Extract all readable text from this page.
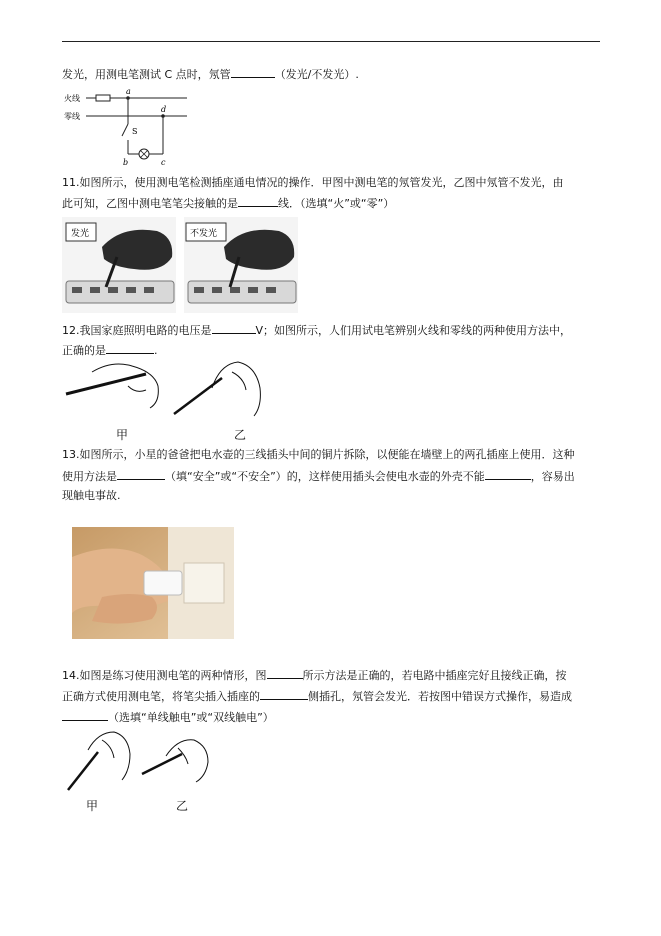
发光，用测电笔测试 C 点时，氖管	（发光/不发光）.
火线
零线
a
d
S
b	c
11.如图所示，使用测电笔检测插座通电情况的操作．甲图中测电笔的氖管发光，乙图中氖管不发光，由
此可知，乙图中测电笔笔尖接触的是	线．（选填“火”或“零”）
发光	不发光
12.我国家庭照明电路的电压是	V；如图所示，人们用试电笔辨别火线和零线的两种使用方法中，
正确的是	.
甲	乙
13.如图所示，小星的爸爸把电水壶的三线插头中间的铜片拆除，以便能在墙壁上的两孔插座上使用．这种
使用方法是	（填“安全”或“不安全”）的，这样使用插头会使电水壶的外壳不能	，容易出
现触电事故.
14.如图是练习使用测电笔的两种情形，图	所示方法是正确的，若电路中插座完好且接线正确，按
正确方式使用测电笔，将笔尖插入插座的	侧插孔，氖管会发光．若按图中错误方式操作，易造成
（选填“单线触电”或“双线触电”）
甲	乙
